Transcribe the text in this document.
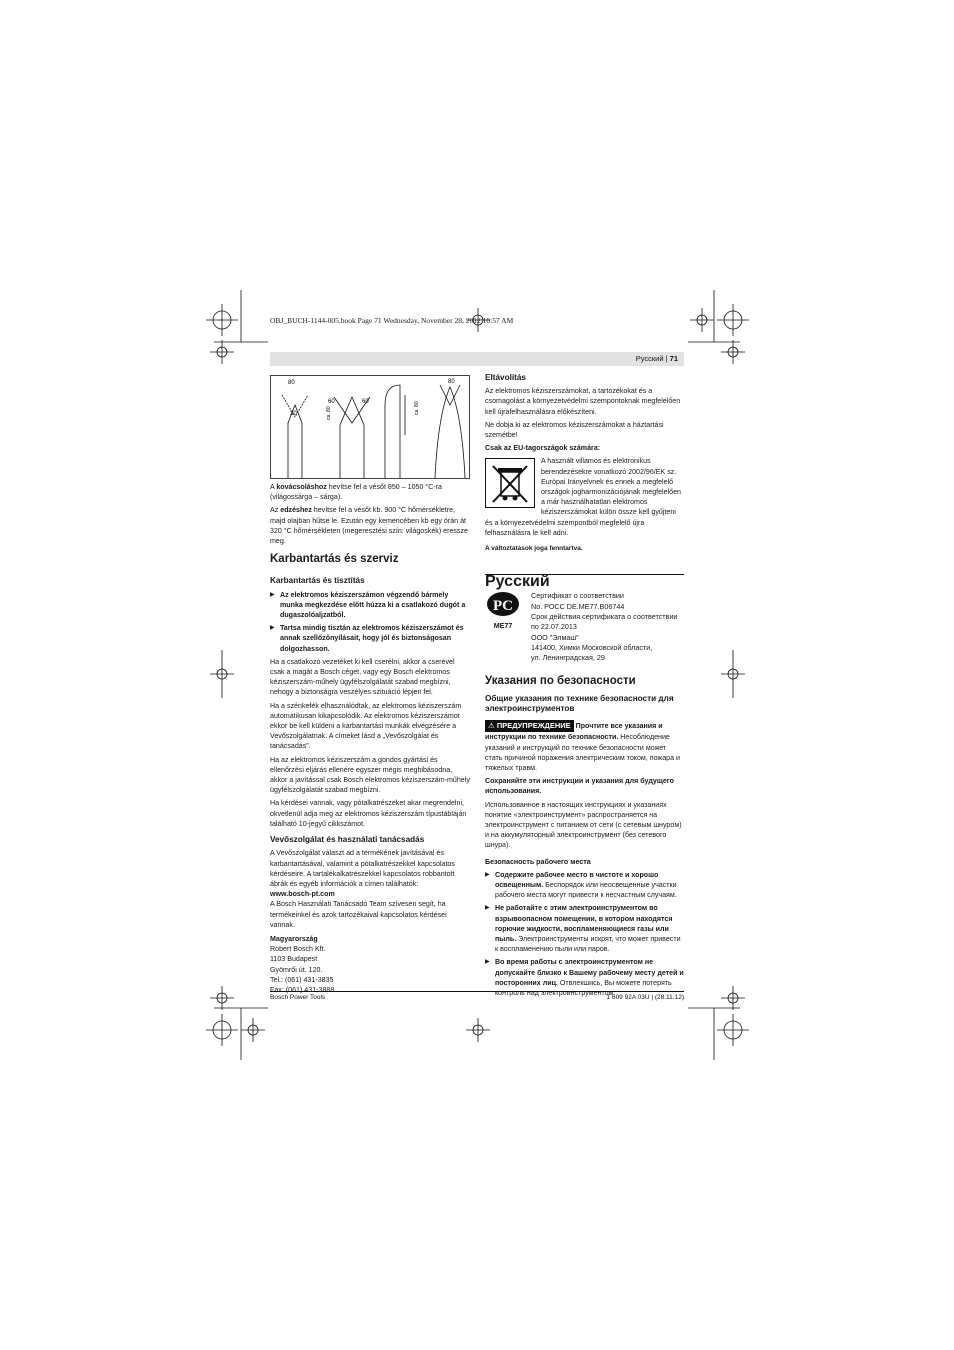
OBJ_BUCH-1144-005.book Page 71 Wednesday, November 28, 2012 10:57 AM
Русский | 71
80
30
60
60
80
ca. 80	ca. 80

A kovácsoláshoz hevítse fel a vésőt 850 – 1050 °C-ra (világossárga – sárga).

Az edzéshez hevítse fel a vésőt kb. 900 °C hőmérsékletre, majd olajban hűtse le. Ezután egy kemencében kb egy órán át 320 °C hőmérsékleten (megeresztési szín: világoskék) eressze meg.

Karbantartás és szerviz
Karbantartás és tisztítás

▶ Az elektromos kéziszerszámon végzendő bármely munka megkezdése előtt húzza ki a csatlakozó dugót a dugaszolóaljzatból.

▶ Tartsa mindig tisztán az elektromos kéziszerszámot és annak szellőzőnyílásait, hogy jól és biztonságosan dolgozhasson.

Ha a csatlakozó vezetéket ki kell cserélni, akkor a cserével csak a magát a Bosch céget, vagy egy Bosch elektromos kéziszerszám-műhely ügyfélszolgálatát szabad megbízni, nehogy a biztonságra veszélyes szituáció lépjen fel.

Ha a szénkefék elhasználódtak, az elektromos kéziszerszám automatikusan kikapcsolódik. Az elektromos kéziszerszámot ekkor be kell küldeni a karbantartási munkák elvégzésére a Vevőszolgálatnak. A címeket lásd a „Vevőszolgálat és tanácsadás”.

Ha az elektromos kéziszerszám a gondos gyártási és ellenőrzési eljárás ellenére egyszer mégis meghibásodna, akkor a javítással csak Bosch elektromos kéziszerszám-műhely ügyfélszolgálatát szabad megbízni.

Ha kérdései vannak, vagy pótalkatrészeket akar megrendelni, okvetlenül adja meg az elektromos kéziszerszám típustábláján található 10-jegyű cikkszámot.

Vevőszolgálat és használati tanácsadás

A Vevőszolgálat választ ad a termékének javításával és karbantartásával, valamint a pótalkatrészekkel kapcsolatos kérdéseire. A tartalékalkatrészekkel kapcsolatos robbantott ábrák és egyéb információk a címen találhatók:

www.bosch-pt.com

A Bosch Használati Tanácsadó Team szívesen segít, ha termékeinkel és azok tartozékaival kapcsolatos kérdései vannak.

Magyarország

Robert Bosch Kft.
1103 Budapest
Gyömrői út. 120.
Tel.: (061) 431-3835
Fax: (061) 431-3888
Eltávolítás

Az elektromos kéziszerszámokat, a tartozékokat és a csomagolást a környezetvédelmi szempontoknak megfelelően kell újrafelhasználásra előkészíteni.

Ne dobja ki az elektromos kéziszerszámokat a háztartási szemétbe!

Csak az EU-tagországok számára:

A használt villamos és elektronikus berendezésekre vonatkozó 2002/96/EK sz. Európai Irányelvnek és ennek a megfelelő országok jogharmonizációjának megfelelően a már használhatatlan elektromos kéziszerszámokat külön össze kell gyűjteni és a környezetvédelmi szempontból megfelelő újra felhasználásra le kell adni.

A változtatások joga fenntartva.

Русский
PC
ME77
Сертификат о соответствии
No. РОСС DE.ME77.B06744
Срок действия сертификата о соответствии
по 22.07.2013
ООО "Элмаш"
141400, Химки Московской области,
ул. Ленинградская, 29
Указания по безопасности
Общие указания по технике безопасности для электроинструментов

⚠ ПРЕДУПРЕЖДЕНИЕ Прочтите все указания и инструкции по технике безопасности. Несоблюдение указаний и инструкций по технике безопасности может стать причиной поражения электрическим током, пожара и тяжелых травм.

Сохраняйте эти инструкции и указания для будущего использования.

Использованное в настоящих инструкциях и указаниях понятие «электроинструмент» распространяется на электроинструмент с питанием от сети (с сетевым шнуром) и на аккумуляторный электроинструмент (без сетевого шнура).

Безопасность рабочего места

▶ Содержите рабочее место в чистоте и хорошо освещенным. Беспорядок или неосвещенные участки рабочего места могут привести к несчастным случаям.

▶ Не работайте с этим электроинструментом во взрывоопасном помещении, в котором находятся горючие жидкости, воспламеняющиеся газы или пыль. Электроинструменты искрят, что может привести к воспламенению пыли или паров.

▶ Во время работы с электроинструментом не допускайте близко к Вашему рабочему месту детей и посторонних лиц. Отвлекшись, Вы можете потерять контроль над электроинструментом.

Bosch Power Tools	1 609 92A 03U | (28.11.12)
